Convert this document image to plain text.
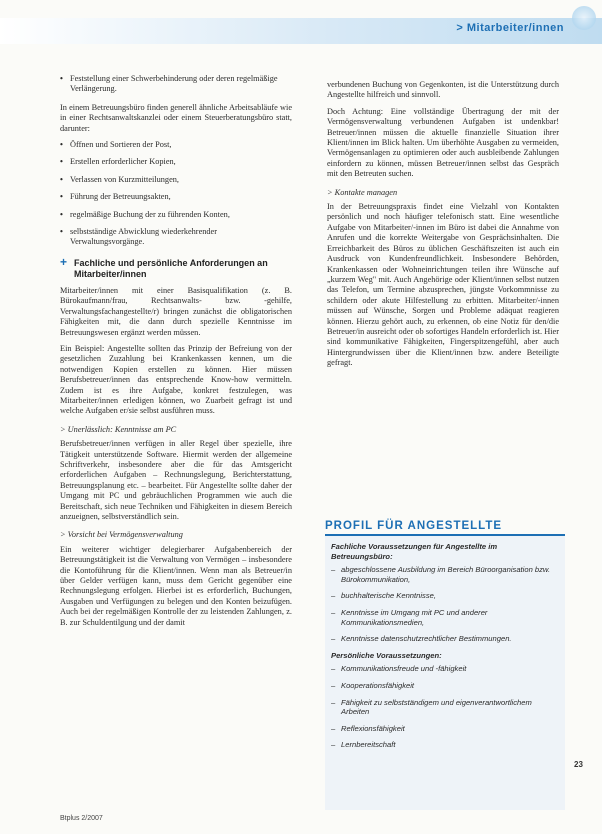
> Mitarbeiter/innen
• Feststellung einer Schwerbehinderung oder deren regelmäßige Verlängerung.

In einem Betreuungsbüro finden generell ähnliche Arbeitsabläufe wie in einer Rechtsanwaltskanzlei oder einem Steuerberatungsbüro statt, darunter:

• Öffnen und Sortieren der Post,
• Erstellen erforderlicher Kopien,
• Verlassen von Kurzmitteilungen,
• Führung der Betreuungsakten,
• regelmäßige Buchung der zu führenden Konten,
• selbstständige Abwicklung wiederkehrender Verwaltungsvorgänge.
+ Fachliche und persönliche Anforderungen an Mitarbeiter/innen

Mitarbeiter/innen mit einer Basisqualifikation (z. B. Bürokaufmann/frau, Rechtsanwalts- bzw. -gehilfe, Verwaltungsfachangestellte/r) bringen zunächst die obligatorischen Fähigkeiten mit, die dann durch spezielle Kenntnisse im Betreuungswesen ergänzt werden müssen.

Ein Beispiel: Angestellte sollten das Prinzip der Befreiung von der gesetzlichen Zuzahlung bei Krankenkassen kennen, um die notwendigen Kopien erstellen zu können. Hier müssen Berufsbetreuer/innen das entsprechende Know-how vermitteln. Zudem ist es ihre Aufgabe, konkret festzulegen, was Mitarbeiter/innen erledigen können, wo Zuarbeit gefragt ist und welche Aufgaben er/sie selbst ausführen muss.

> Unerlässlich: Kenntnisse am PC

Berufsbetreuer/innen verfügen in aller Regel über spezielle, ihre Tätigkeit unterstützende Software. Hiermit werden der allgemeine Schriftverkehr, insbesondere aber die für das Amtsgericht erforderlichen Aufgaben – Rechnungslegung, Berichterstattung, Betreuungsplanung etc. – bearbeitet. Für Angestellte sollte daher der Umgang mit PC und gebräuchlichen Programmen wie auch die Bereitschaft, sich neue Techniken und Fähigkeiten in diesem Bereich anzueignen, selbstverständlich sein.

> Vorsicht bei Vermögensverwaltung

Ein weiterer wichtiger delegierbarer Aufgabenbereich der Betreuungstätigkeit ist die Verwaltung von Vermögen – insbesondere die Kontoführung für die Klient/innen. Wenn man als Betreuer/in über Gelder verfügen kann, muss dem Gericht gegenüber eine Rechnungslegung erfolgen. Hierbei ist es erforderlich, Buchungen, Ausgaben und Verfügungen zu belegen und den Konten beizufügen. Auch bei der regelmäßigen Kontrolle der zu leistenden Zahlungen, z. B. zur Schuldentilgung und der damit

verbundenen Buchung von Gegenkonten, ist die Unterstützung durch Angestellte hilfreich und sinnvoll.

Doch Achtung: Eine vollständige Übertragung der mit der Vermögensverwaltung verbundenen Aufgaben ist undenkbar! Betreuer/innen müssen die aktuelle finanzielle Situation ihrer Klient/innen im Blick halten. Um überhöhte Ausgaben zu vermeiden, Vermögensanlagen zu optimieren oder auch ausbleibende Zahlungen einfordern zu können, müssen Betreuer/innen selbst das Gespräch mit den Betreuten suchen.

> Kontakte managen

In der Betreuungspraxis findet eine Vielzahl von Kontakten persönlich und noch häufiger telefonisch statt. Eine wesentliche Aufgabe von Mitarbeiter/-innen im Büro ist dabei die Annahme von Anrufen und die korrekte Weitergabe von Gesprächsinhalten. Die Erreichbarkeit des Büros zu üblichen Geschäftszeiten ist auch ein Ausdruck von Kundenfreundlichkeit. Insbesondere Behörden, Krankenkassen oder Wohneinrichtungen teilen ihre Wünsche auf „kurzem Weg" mit. Auch Angehörige oder Klient/innen selbst nutzen das Telefon, um Termine abzusprechen, jüngste Vorkommnisse zu schildern oder akute Hilfestellung zu erbitten. Mitarbeiter/-innen müssen auf Wünsche, Sorgen und Probleme adäquat reagieren können. Hierzu gehört auch, zu erkennen, ob eine Notiz für den/die Betreuer/in ausreicht oder ob sofortiges Handeln erforderlich ist. Hier sind kommunikative Fähigkeiten, Fingerspitzengefühl, aber auch Hintergrundwissen über die Klient/innen bzw. andere Beteiligte gefragt.

PROFIL FÜR ANGESTELLTE
Fachliche Voraussetzungen für Angestellte im Betreuungsbüro:
– abgeschlossene Ausbildung im Bereich Büroorganisation bzw. Bürokommunikation,
– buchhalterische Kenntnisse,
– Kenntnisse im Umgang mit PC und anderer Kommunikationsmedien,
– Kenntnisse datenschutzrechtlicher Bestimmungen.
Persönliche Voraussetzungen:
– Kommunikationsfreude und -fähigkeit
– Kooperationsfähigkeit
– Fähigkeit zu selbstständigem und eigenverantwortlichem Arbeiten
– Reflexionsfähigkeit
– Lernbereitschaft
23
Btplus 2/2007
